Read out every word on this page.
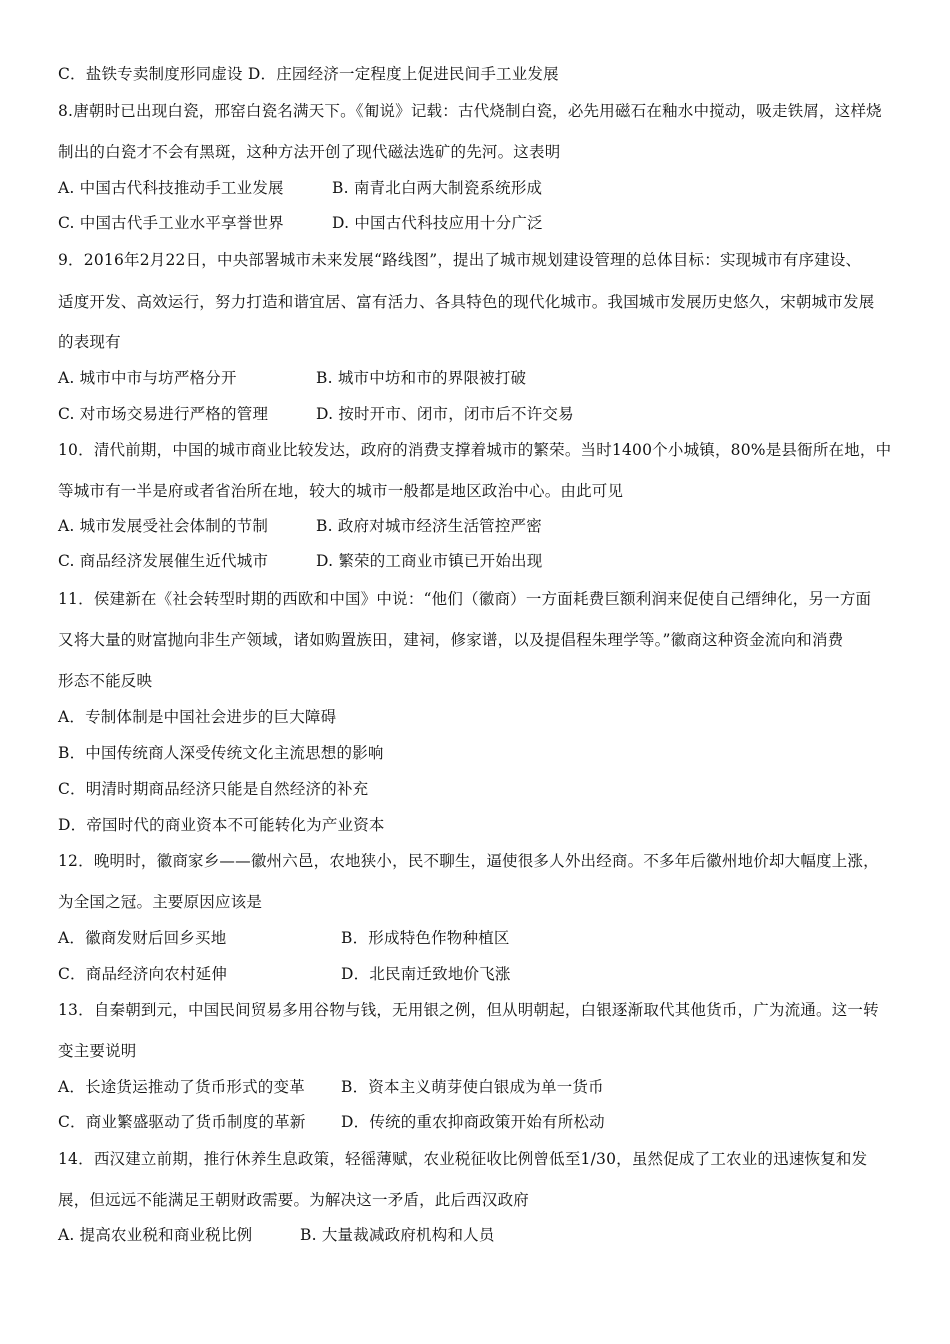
C．盐铁专卖制度形同虚设 D．庄园经济一定程度上促进民间手工业发展
8.唐朝时已出现白瓷，邢窑白瓷名满天下。《匍说》记载：古代烧制白瓷，必先用磁石在釉水中搅动，吸走铁屑，这样烧
制出的白瓷才不会有黑斑，这种方法开创了现代磁法选矿的先河。这表明
A. 中国古代科技推动手工业发展	B. 南青北白两大制瓷系统形成
C. 中国古代手工业水平享誉世界	D. 中国古代科技应用十分广泛
9．2016年2月22日，中央部署城市未来发展“路线图”，提出了城市规划建设管理的总体目标：实现城市有序建设、
适度开发、高效运行，努力打造和谐宜居、富有活力、各具特色的现代化城市。我国城市发展历史悠久，宋朝城市发展
的表现有
A. 城市中市与坊严格分开	B. 城市中坊和市的界限被打破
C. 对市场交易进行严格的管理	D. 按时开市、闭市，闭市后不许交易
10．清代前期，中国的城市商业比较发达，政府的消费支撑着城市的繁荣。当时1400个小城镇，80%是县衙所在地，中
等城市有一半是府或者省治所在地，较大的城市一般都是地区政治中心。由此可见
A. 城市发展受社会体制的节制	B. 政府对城市经济生活管控严密
C. 商品经济发展催生近代城市	D. 繁荣的工商业市镇已开始出现
11．侯建新在《社会转型时期的西欧和中国》中说：“他们（徽商）一方面耗费巨额利润来促使自己缙绅化，另一方面
又将大量的财富抛向非生产领域，诸如购置族田，建祠，修家谱，以及提倡程朱理学等。”徽商这种资金流向和消费
形态不能反映
A．专制体制是中国社会进步的巨大障碍
B．中国传统商人深受传统文化主流思想的影响
C．明清时期商品经济只能是自然经济的补充
D．帝国时代的商业资本不可能转化为产业资本
12．晚明时，徽商家乡——徽州六邑，农地狭小，民不聊生，逼使很多人外出经商。不多年后徽州地价却大幅度上涨，
为全国之冠。主要原因应该是
A．徽商发财后回乡买地	B．形成特色作物种植区
C．商品经济向农村延伸	D．北民南迁致地价飞涨
13．自秦朝到元，中国民间贸易多用谷物与钱，无用银之例，但从明朝起，白银逐渐取代其他货币，广为流通。这一转
变主要说明
A．长途货运推动了货币形式的变革 B．资本主义萌芽使白银成为单一货币
C．商业繁盛驱动了货币制度的革新 D．传统的重农抑商政策开始有所松动
14．西汉建立前期，推行休养生息政策，轻徭薄赋，农业税征收比例曾低至1/30，虽然促成了工农业的迅速恢复和发
展，但远远不能满足王朝财政需要。为解决这一矛盾，此后西汉政府
A. 提高农业税和商业税比例	B. 大量裁减政府机构和人员
